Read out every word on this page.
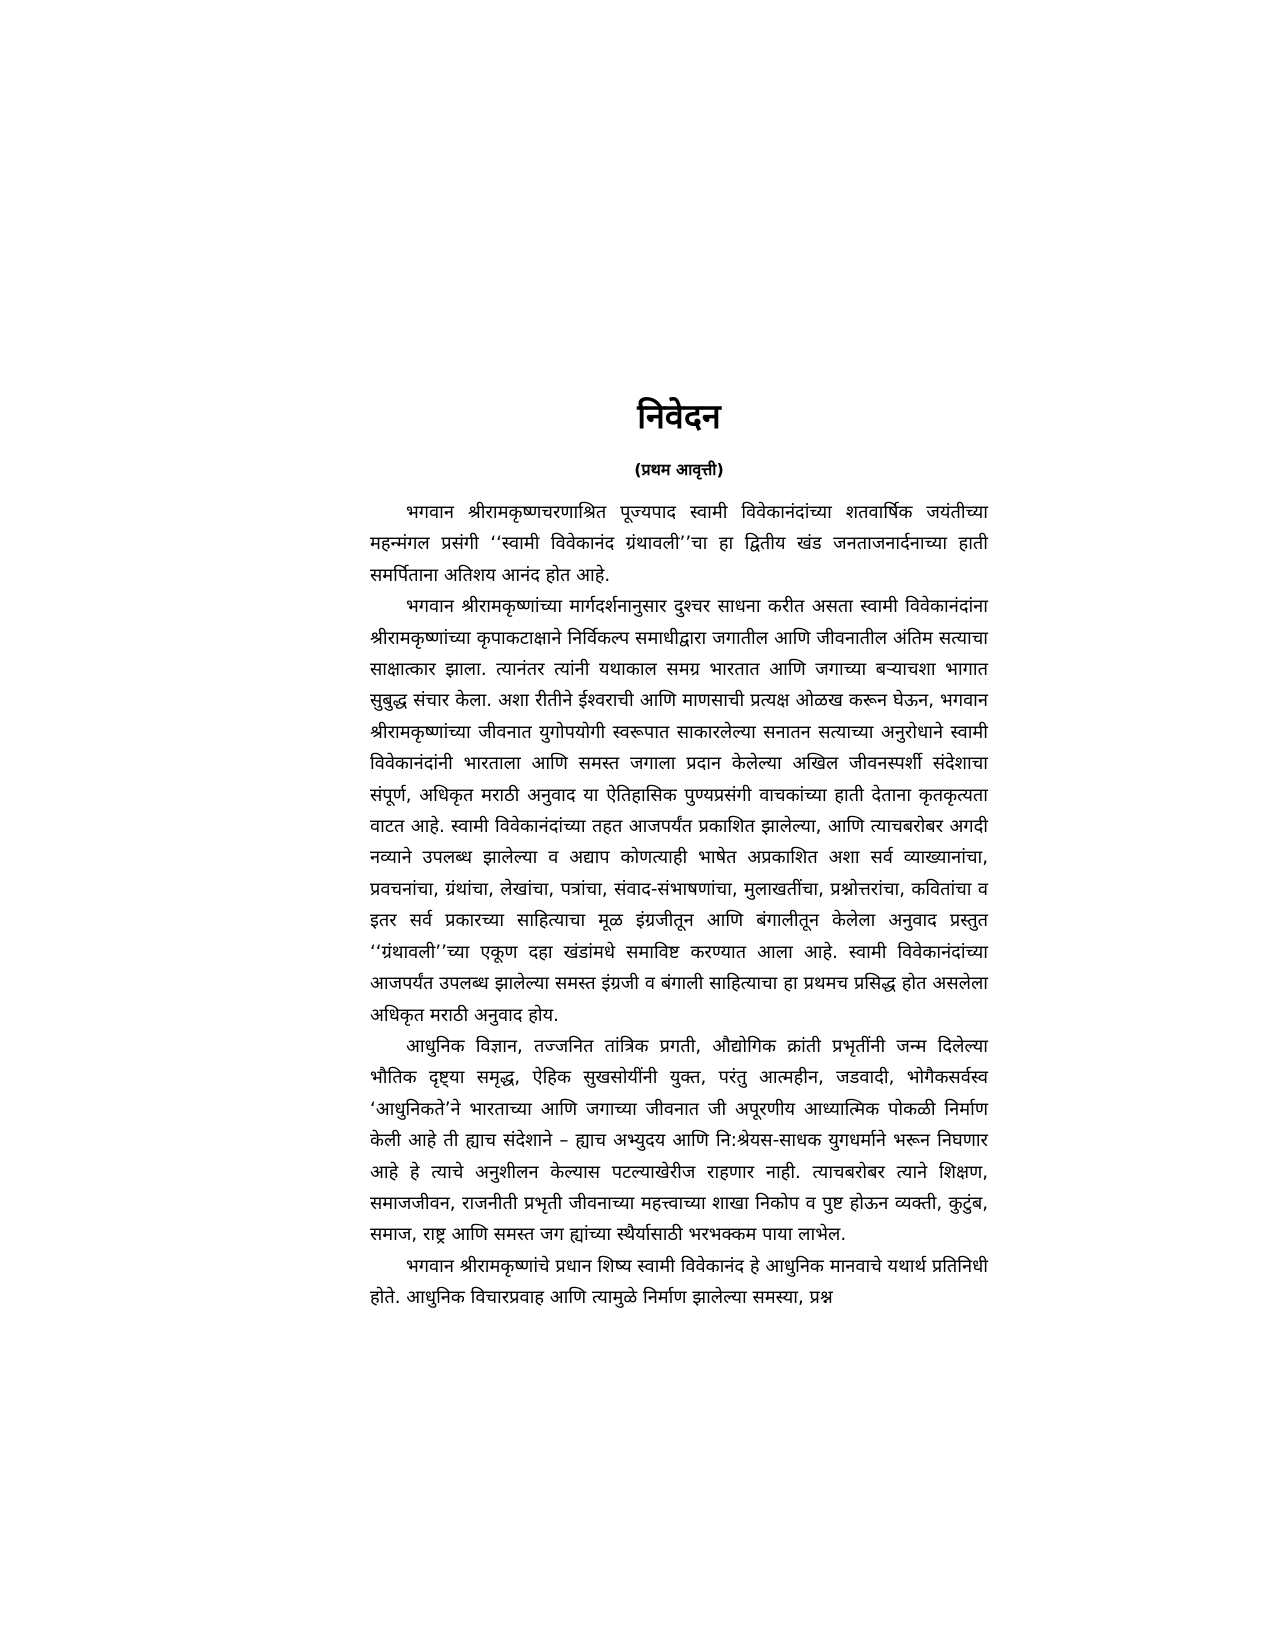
निवेदन
(प्रथम आवृत्ती)

भगवान श्रीरामकृष्णचरणाश्रित पूज्यपाद स्वामी विवेकानंदांच्या शतवार्षिक जयंतीच्या महन्मंगल प्रसंगी ‘‘स्वामी विवेकानंद ग्रंथावली’’चा हा द्वितीय खंड जनताजनार्दनाच्या हाती समर्पिताना अतिशय आनंद होत आहे.

भगवान श्रीरामकृष्णांच्या मार्गदर्शनानुसार दुश्चर साधना करीत असता स्वामी विवेकानंदांना श्रीरामकृष्णांच्या कृपाकटाक्षाने निर्विकल्प समाधीद्वारा जगातील आणि जीवनातील अंतिम सत्याचा साक्षात्कार झाला. त्यानंतर त्यांनी यथाकाल समग्र भारतात आणि जगाच्या बऱ्याचशा भागात सुबुद्ध संचार केला. अशा रीतीने ईश्वराची आणि माणसाची प्रत्यक्ष ओळख करून घेऊन, भगवान श्रीरामकृष्णांच्या जीवनात युगोपयोगी स्वरूपात साकारलेल्या सनातन सत्याच्या अनुरोधाने स्वामी विवेकानंदांनी भारताला आणि समस्त जगाला प्रदान केलेल्या अखिल जीवनस्पर्शी संदेशाचा संपूर्ण, अधिकृत मराठी अनुवाद या ऐतिहासिक पुण्यप्रसंगी वाचकांच्या हाती देताना कृतकृत्यता वाटत आहे. स्वामी विवेकानंदांच्या तहत आजपर्यंत प्रकाशित झालेल्या, आणि त्याचबरोबर अगदी नव्याने उपलब्ध झालेल्या व अद्याप कोणत्याही भाषेत अप्रकाशित अशा सर्व व्याख्यानांचा, प्रवचनांचा, ग्रंथांचा, लेखांचा, पत्रांचा, संवाद-संभाषणांचा, मुलाखतींचा, प्रश्नोत्तरांचा, कवितांचा व इतर सर्व प्रकारच्या साहित्याचा मूळ इंग्रजीतून आणि बंगालीतून केलेला अनुवाद प्रस्तुत ‘‘ग्रंथावली’’च्या एकूण दहा खंडांमधे समाविष्ट करण्यात आला आहे. स्वामी विवेकानंदांच्या आजपर्यंत उपलब्ध झालेल्या समस्त इंग्रजी व बंगाली साहित्याचा हा प्रथमच प्रसिद्ध होत असलेला अधिकृत मराठी अनुवाद होय.

आधुनिक विज्ञान, तज्जनित तांत्रिक प्रगती, औद्योगिक क्रांती प्रभृतींनी जन्म दिलेल्या भौतिक दृष्ट्या समृद्ध, ऐहिक सुखसोयींनी युक्त, परंतु आत्महीन, जडवादी, भोगैकसर्वस्व ‘आधुनिकते’ने भारताच्या आणि जगाच्या जीवनात जी अपूरणीय आध्यात्मिक पोकळी निर्माण केली आहे ती ह्याच संदेशाने – ह्याच अभ्युदय आणि नि:श्रेयस-साधक युगधर्माने भरून निघणार आहे हे त्याचे अनुशीलन केल्यास पटल्याखेरीज राहणार नाही. त्याचबरोबर त्याने शिक्षण, समाजजीवन, राजनीती प्रभृती जीवनाच्या महत्त्वाच्या शाखा निकोप व पुष्ट होऊन व्यक्ती, कुटुंब, समाज, राष्ट्र आणि समस्त जग ह्यांच्या स्थैर्यासाठी भरभक्कम पाया लाभेल.

भगवान श्रीरामकृष्णांचे प्रधान शिष्य स्वामी विवेकानंद हे आधुनिक मानवाचे यथार्थ प्रतिनिधी होते. आधुनिक विचारप्रवाह आणि त्यामुळे निर्माण झालेल्या समस्या, प्रश्न
